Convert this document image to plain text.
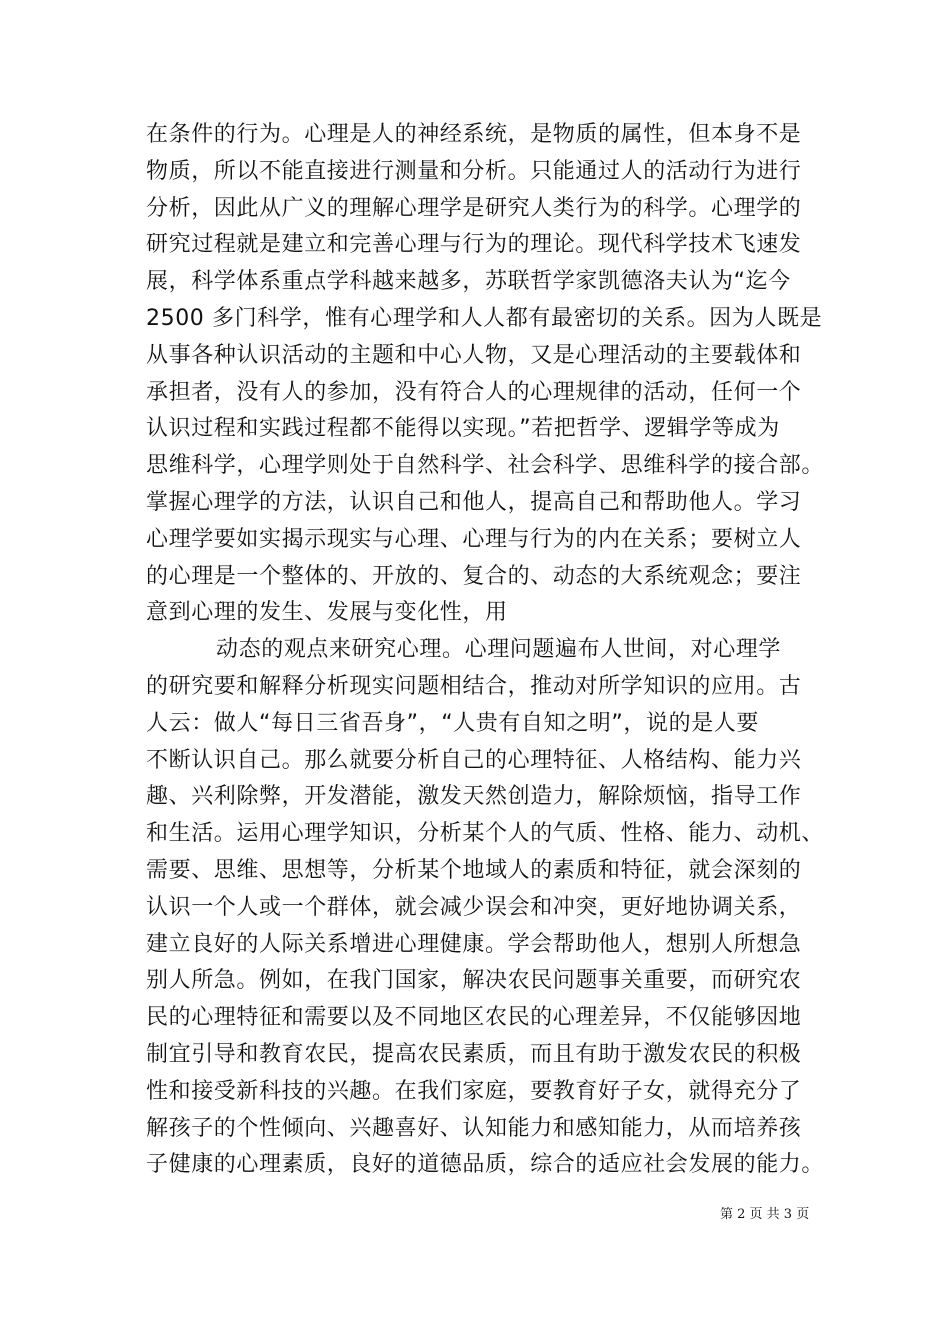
在条件的行为。心理是人的神经系统，是物质的属性，但本身不是
物质，所以不能直接进行测量和分析。只能通过人的活动行为进行
分析，因此从广义的理解心理学是研究人类行为的科学。心理学的
研究过程就是建立和完善心理与行为的理论。现代科学技术飞速发
展，科学体系重点学科越来越多，苏联哲学家凯德洛夫认为“迄今
2500 多门科学，惟有心理学和人人都有最密切的关系。因为人既是
从事各种认识活动的主题和中心人物，又是心理活动的主要载体和
承担者，没有人的参加，没有符合人的心理规律的活动，任何一个
认识过程和实践过程都不能得以实现。”若把哲学、逻辑学等成为
思维科学，心理学则处于自然科学、社会科学、思维科学的接合部。
掌握心理学的方法，认识自己和他人，提高自己和帮助他人。学习
心理学要如实揭示现实与心理、心理与行为的内在关系；要树立人
的心理是一个整体的、开放的、复合的、动态的大系统观念；要注
意到心理的发生、发展与变化性，用
动态的观点来研究心理。心理问题遍布人世间，对心理学
的研究要和解释分析现实问题相结合，推动对所学知识的应用。古
人云：做人“每日三省吾身”，“人贵有自知之明”，说的是人要
不断认识自己。那么就要分析自己的心理特征、人格结构、能力兴
趣、兴利除弊，开发潜能，激发天然创造力，解除烦恼，指导工作
和生活。运用心理学知识，分析某个人的气质、性格、能力、动机、
需要、思维、思想等，分析某个地域人的素质和特征，就会深刻的
认识一个人或一个群体，就会减少误会和冲突，更好地协调关系，
建立良好的人际关系增进心理健康。学会帮助他人，想别人所想急
别人所急。例如，在我门国家，解决农民问题事关重要，而研究农
民的心理特征和需要以及不同地区农民的心理差异，不仅能够因地
制宜引导和教育农民，提高农民素质，而且有助于激发农民的积极
性和接受新科技的兴趣。在我们家庭，要教育好子女，就得充分了
解孩子的个性倾向、兴趣喜好、认知能力和感知能力，从而培养孩
子健康的心理素质，良好的道德品质，综合的适应社会发展的能力。
第 2 页 共 3 页
